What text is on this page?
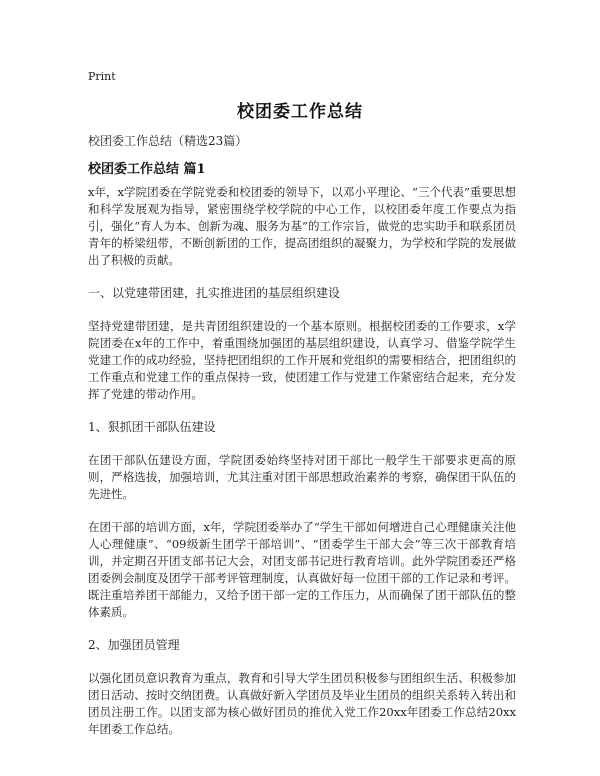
Print
校团委工作总结
校团委工作总结（精选23篇）
校团委工作总结 篇1

x年，x学院团委在学院党委和校团委的领导下，以邓小平理论、“三个代表”重要思想和科学发展观为指导，紧密围绕学校学院的中心工作，以校团委年度工作要点为指引，强化“育人为本、创新为魂、服务为基”的工作宗旨，做党的忠实助手和联系团员青年的桥梁纽带，不断创新团的工作，提高团组织的凝聚力，为学校和学院的发展做出了积极的贡献。

一、以党建带团建，扎实推进团的基层组织建设

坚持党建带团建，是共青团组织建设的一个基本原则。根据校团委的工作要求，x学院团委在x年的工作中，着重围绕加强团的基层组织建设，认真学习、借鉴学院学生党建工作的成功经验，坚持把团组织的工作开展和党组织的需要相结合，把团组织的工作重点和党建工作的重点保持一致，使团建工作与党建工作紧密结合起来，充分发挥了党建的带动作用。

1、狠抓团干部队伍建设

在团干部队伍建设方面，学院团委始终坚持对团干部比一般学生干部要求更高的原则，严格选拔，加强培训，尤其注重对团干部思想政治素养的考察，确保团干队伍的先进性。

在团干部的培训方面，x年，学院团委举办了“学生干部如何增进自己心理健康关注他人心理健康”、“09级新生团学干部培训”、“团委学生干部大会”等三次干部教育培训，并定期召开团支部书记大会，对团支部书记进行教育培训。此外学院团委还严格团委例会制度及团学干部考评管理制度，认真做好每一位团干部的工作记录和考评。既注重培养团干部能力，又给予团干部一定的工作压力，从而确保了团干部队伍的整体素质。

2、加强团员管理

以强化团员意识教育为重点，教育和引导大学生团员积极参与团组织生活、积极参加团日活动、按时交纳团费。认真做好新入学团员及毕业生团员的组织关系转入转出和团员注册工作。以团支部为核心做好团员的推优入党工作20xx年团委工作总结20xx年团委工作总结。
